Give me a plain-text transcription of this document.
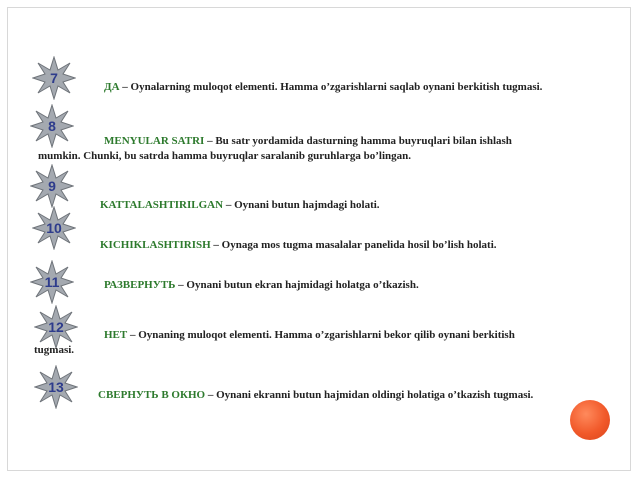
7
ДА – Oynalarning muloqot elementi. Hamma o’zgarishlarni saqlab oynani berkitish tugmasi.
8
MENYULAR SATRI – Bu satr yordamida dasturning hamma buyruqlari bilan ishlash
mumkin. Chunki, bu satrda hamma buyruqlar saralanib guruhlarga bo’lingan.
9
KATTALASHTIRILGAN – Oynani butun hajmdagi holati.
10
KICHIKLASHTIRISH – Oynaga mos tugma masalalar panelida hosil bo’lish holati.
11	РАЗВЕРНУТЬ – Oynani butun ekran hajmidagi holatga o’tkazish.
12	НЕТ – Oynaning muloqot elementi. Hamma o’zgarishlarni bekor qilib oynani berkitish
tugmasi.
13	СВЕРНУТЬ В ОКНО – Oynani ekranni butun hajmidan oldingi holatiga o’tkazish tugmasi.
